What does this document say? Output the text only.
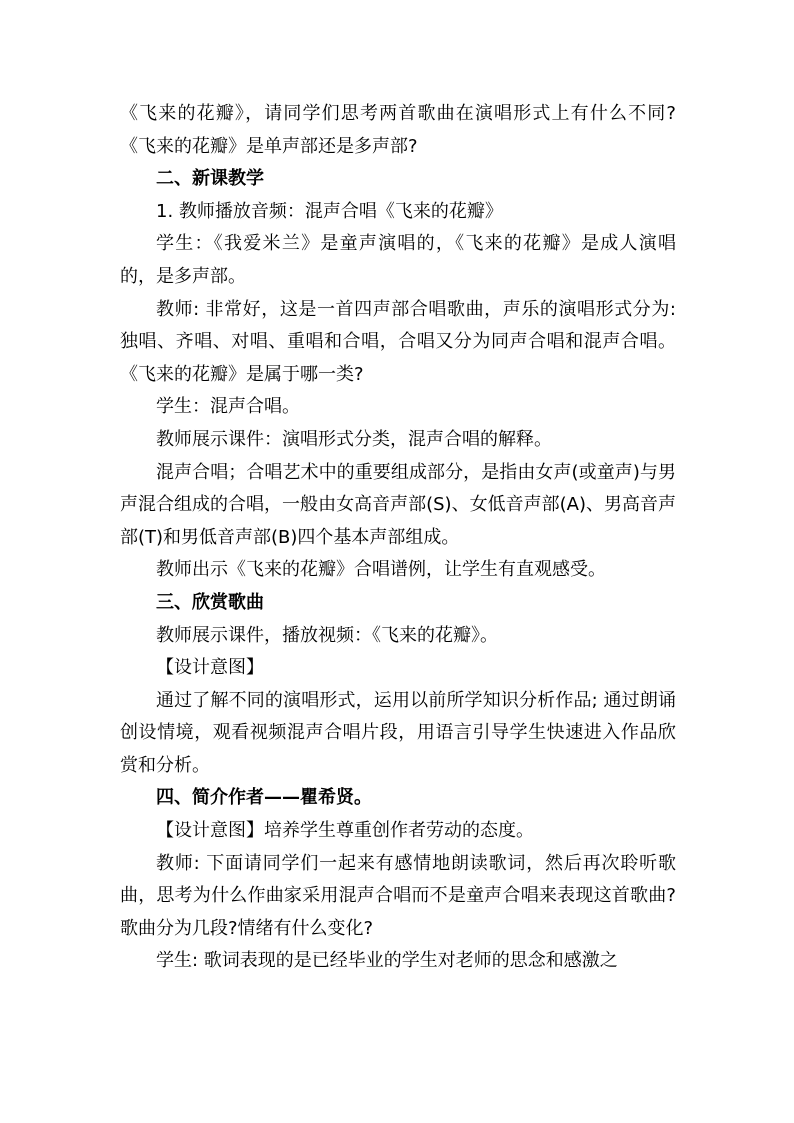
《飞来的花瓣》，请同学们思考两首歌曲在演唱形式上有什么不同?《飞来的花瓣》是单声部还是多声部?

二、新课教学

1. 教师播放音频：混声合唱《飞来的花瓣》

学生：《我爱米兰》是童声演唱的，《飞来的花瓣》是成人演唱的，是多声部。

教师: 非常好，这是一首四声部合唱歌曲，声乐的演唱形式分为: 独唱、齐唱、对唱、重唱和合唱，合唱又分为同声合唱和混声合唱。《飞来的花瓣》是属于哪一类?

学生：混声合唱。

教师展示课件：演唱形式分类，混声合唱的解释。

混声合唱；合唱艺术中的重要组成部分，是指由女声(或童声)与男声混合组成的合唱，一般由女高音声部(S)、女低音声部(A)、男高音声部(T)和男低音声部(B)四个基本声部组成。

教师出示《飞来的花瓣》合唱谱例，让学生有直观感受。

三、欣赏歌曲

教师展示课件，播放视频：《飞来的花瓣》。

【设计意图】

通过了解不同的演唱形式，运用以前所学知识分析作品; 通过朗诵创设情境，观看视频混声合唱片段，用语言引导学生快速进入作品欣赏和分析。

四、简介作者——瞿希贤。

【设计意图】培养学生尊重创作者劳动的态度。

教师: 下面请同学们一起来有感情地朗读歌词，然后再次聆听歌曲，思考为什么作曲家采用混声合唱而不是童声合唱来表现这首歌曲?歌曲分为几段?情绪有什么变化?

学生: 歌词表现的是已经毕业的学生对老师的思念和感激之
